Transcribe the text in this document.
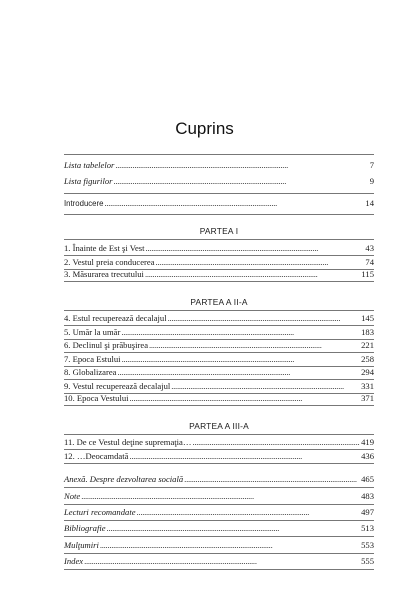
Cuprins
Lista tabelelor . . .	7
Lista figurilor . . .	9
Introducere . . .	14
PARTEA I
1. Înainte de Est şi Vest . . .	43
2. Vestul preia conducerea . . .	74
3. Măsurarea trecutului . . .	115
PARTEA A II-A
4. Estul recuperează decalajul . . .	145
5. Umăr la umăr . . .	183
6. Declinul şi prăbuşirea . . .	221
7. Epoca Estului . . .	258
8. Globalizarea . . .	294
9. Vestul recuperează decalajul . . .	331
10. Epoca Vestului . . .	371
PARTEA A III-A
11. De ce Vestul deţine supremaţia… . . .	419
12. …Deocamdată . . .	436
Anexă. Despre dezvoltarea socială . . .	465
Note . . .	483
Lecturi recomandate . . .	497
Bibliografie . . .	513
Mulţumiri . . .	553
Index . . .	555
